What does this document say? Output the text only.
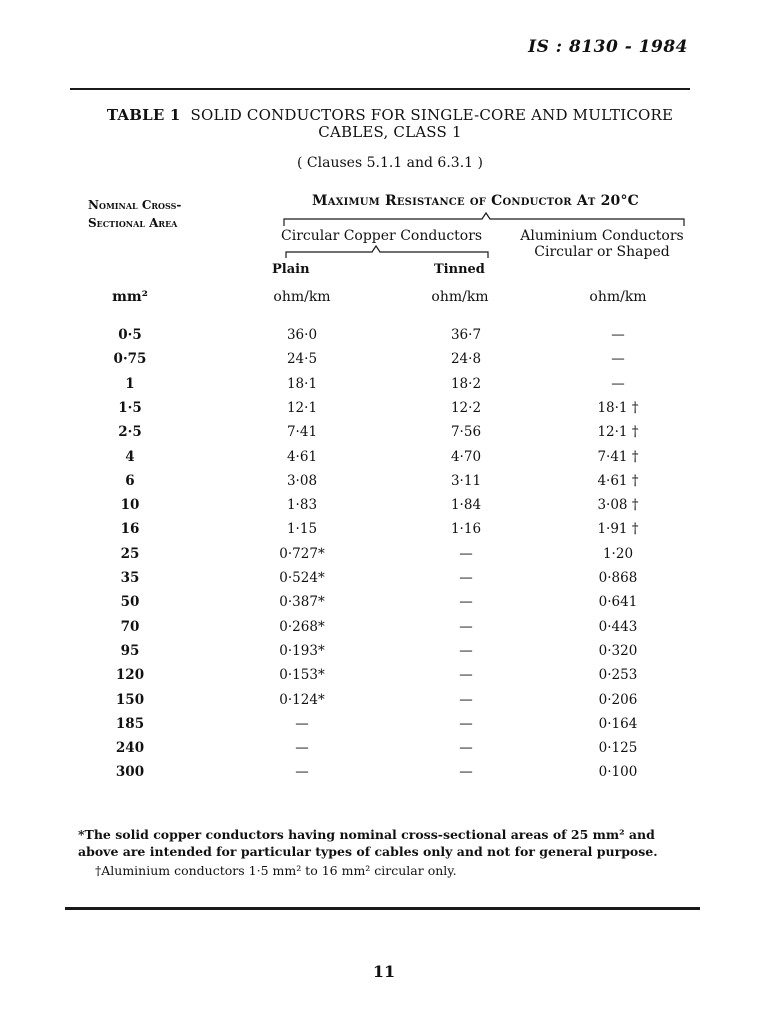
IS : 8130 - 1984
TABLE 1 SOLID CONDUCTORS FOR SINGLE-CORE AND MULTICORE
CABLES, CLASS 1
( Clauses 5.1.1 and 6.3.1 )
Nominal Cross-
Sectional Area
Maximum Resistance of Conductor At 20°C
Circular Copper Conductors	Aluminium Conductors
Circular or Shaped
Plain	Tinned
mm²	ohm/km	ohm/km	ohm/km
0·5	36·0	36·7	—
0·75	24·5	24·8	—
1	18·1	18·2	—
1·5	12·1	12·2	18·1 †
2·5	7·41	7·56	12·1 †
4	4·61	4·70	7·41 †
6	3·08	3·11	4·61 †
10	1·83	1·84	3·08 †
16	1·15	1·16	1·91 †
25	0·727*	—	1·20
35	0·524*	—	0·868
50	0·387*	—	0·641
70	0·268*	—	0·443
95	0·193*	—	0·320
120	0·153*	—	0·253
150	0·124*	—	0·206
185	—	—	0·164
240	—	—	0·125
300	—	—	0·100
*The solid copper conductors having nominal cross-sectional areas of 25 mm² and above are intended for particular types of cables only and not for general purpose.
†Aluminium conductors 1·5 mm² to 16 mm² circular only.
11
